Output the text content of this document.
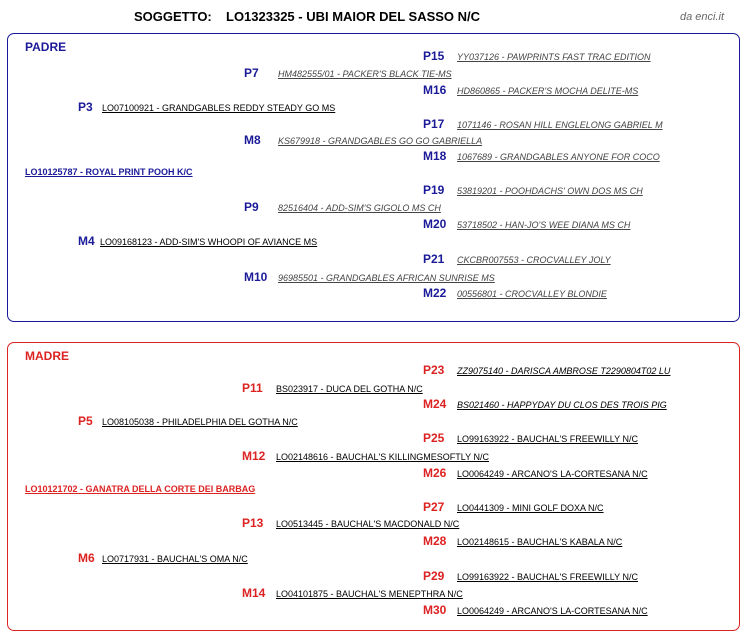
SOGGETTO: LO1323325 - UBI MAIOR DEL SASSO N/C	da enci.it
PADRE
P15	YY037126 - PAWPRINTS FAST TRAC EDITION
P7	HM482555/01 - PACKER'S BLACK TIE-MS
M16	HD860865 - PACKER'S MOCHA DELITE-MS
P3	LO07100921 - GRANDGABLES REDDY STEADY GO MS
P17	1071146 - ROSAN HILL ENGLELONG GABRIEL M
M8	KS679918 - GRANDGABLES GO GO GABRIELLA
M18	1067689 - GRANDGABLES ANYONE FOR COCO
LO10125787 - ROYAL PRINT POOH K/C
P19	53819201 - POOHDACHS' OWN DOS MS CH
P9	82516404 - ADD-SIM'S GIGOLO MS CH
M20	53718502 - HAN-JO'S WEE DIANA MS CH
M4 LO09168123 - ADD-SIM'S WHOOPI OF AVIANCE MS
P21	CKCBR007553 - CROCVALLEY JOLY
M10	96985501 - GRANDGABLES AFRICAN SUNRISE MS
M22	00556801 - CROCVALLEY BLONDIE
MADRE
P23	ZZ9075140 - DARISCA AMBROSE T2290804T02 LU
P11	BS023917 - DUCA DEL GOTHA N/C
M24	BS021460 - HAPPYDAY DU CLOS DES TROIS PIG
P5	LO08105038 - PHILADELPHIA DEL GOTHA N/C
P25	LO99163922 - BAUCHAL'S FREEWILLY N/C
M12	LO02148616 - BAUCHAL'S KILLINGMESOFTLY N/C
M26	LO0064249 - ARCANO'S LA-CORTESANA N/C
LO10121702 - GANATRA DELLA CORTE DEI BARBAG
P27	LO0441309 - MINI GOLF DOXA N/C
P13	LO0513445 - BAUCHAL'S MACDONALD N/C
M28	LO02148615 - BAUCHAL'S KABALA N/C
M6 LO0717931 - BAUCHAL'S OMA N/C
P29	LO99163922 - BAUCHAL'S FREEWILLY N/C
M14	LO04101875 - BAUCHAL'S MENEPTHRA N/C
M30	LO0064249 - ARCANO'S LA-CORTESANA N/C
